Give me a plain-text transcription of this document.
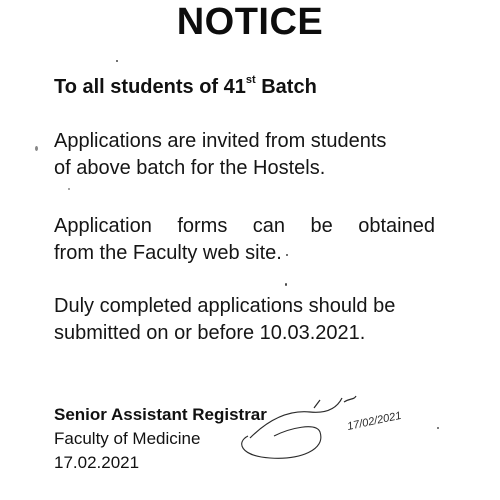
NOTICE
To all students of 41st Batch
Applications are invited from students
of above batch for the Hostels.
Application forms can be obtained
from the Faculty web site.
Duly completed applications should be
submitted on or before 10.03.2021.
17/02/2021
Senior Assistant Registrar
Faculty of Medicine
17.02.2021
